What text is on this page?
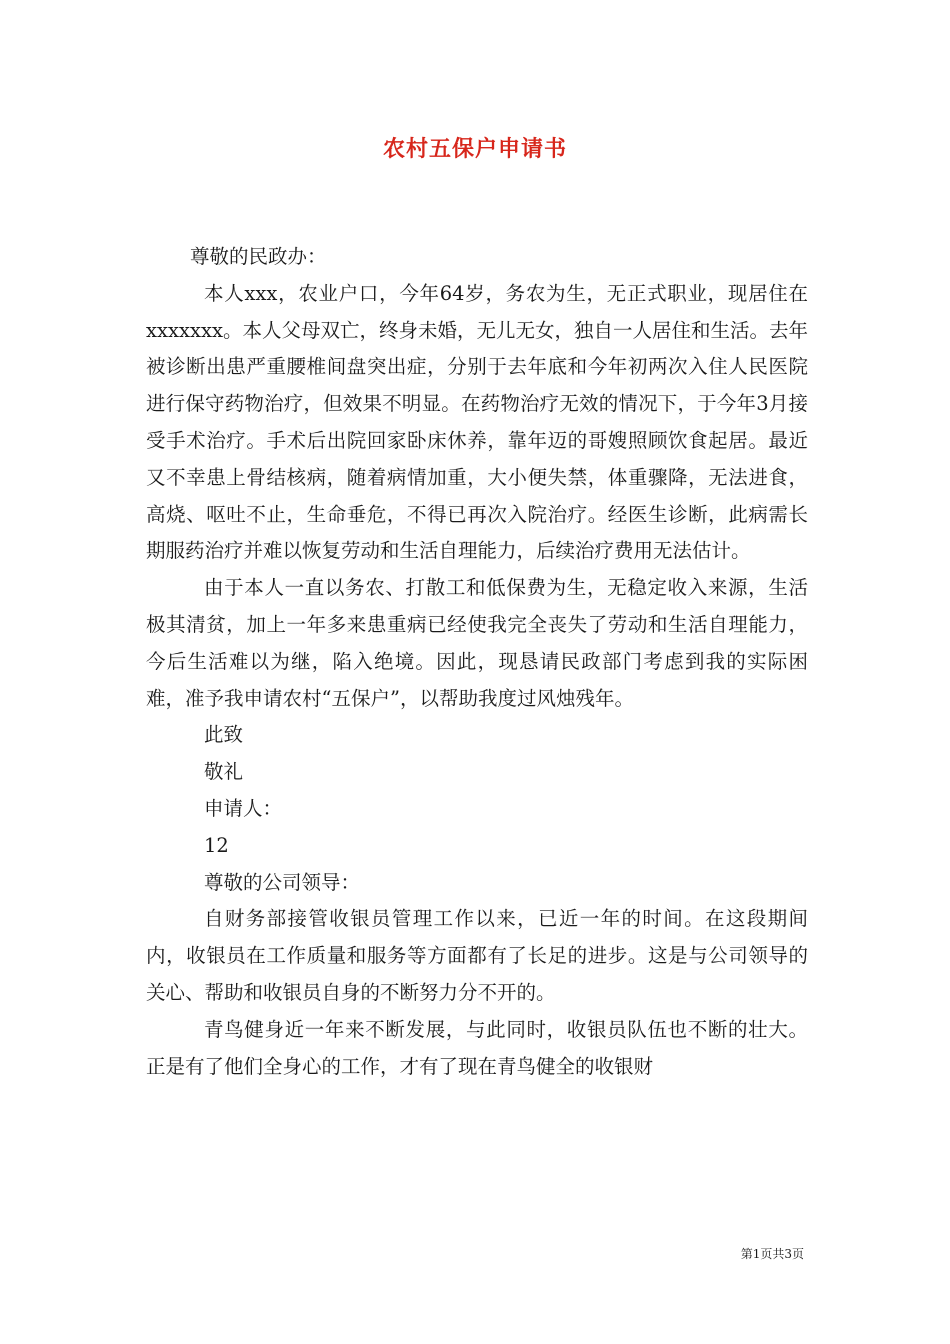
农村五保户申请书

尊敬的民政办：

本人xxx，农业户口，今年64岁，务农为生，无正式职业，现居住在xxxxxxx。本人父母双亡，终身未婚，无儿无女，独自一人居住和生活。去年被诊断出患严重腰椎间盘突出症，分别于去年底和今年初两次入住人民医院进行保守药物治疗，但效果不明显。在药物治疗无效的情况下，于今年3月接受手术治疗。手术后出院回家卧床休养，靠年迈的哥嫂照顾饮食起居。最近又不幸患上骨结核病，随着病情加重，大小便失禁，体重骤降，无法进食，高烧、呕吐不止，生命垂危，不得已再次入院治疗。经医生诊断，此病需长期服药治疗并难以恢复劳动和生活自理能力，后续治疗费用无法估计。

由于本人一直以务农、打散工和低保费为生，无稳定收入来源，生活极其清贫，加上一年多来患重病已经使我完全丧失了劳动和生活自理能力，今后生活难以为继，陷入绝境。因此，现恳请民政部门考虑到我的实际困难，准予我申请农村“五保户”，以帮助我度过风烛残年。

此致

敬礼

申请人：

12

尊敬的公司领导：

自财务部接管收银员管理工作以来，已近一年的时间。在这段期间内，收银员在工作质量和服务等方面都有了长足的进步。这是与公司领导的关心、帮助和收银员自身的不断努力分不开的。

青鸟健身近一年来不断发展，与此同时，收银员队伍也不断的壮大。正是有了他们全身心的工作，才有了现在青鸟健全的收银财

第1页共3页
